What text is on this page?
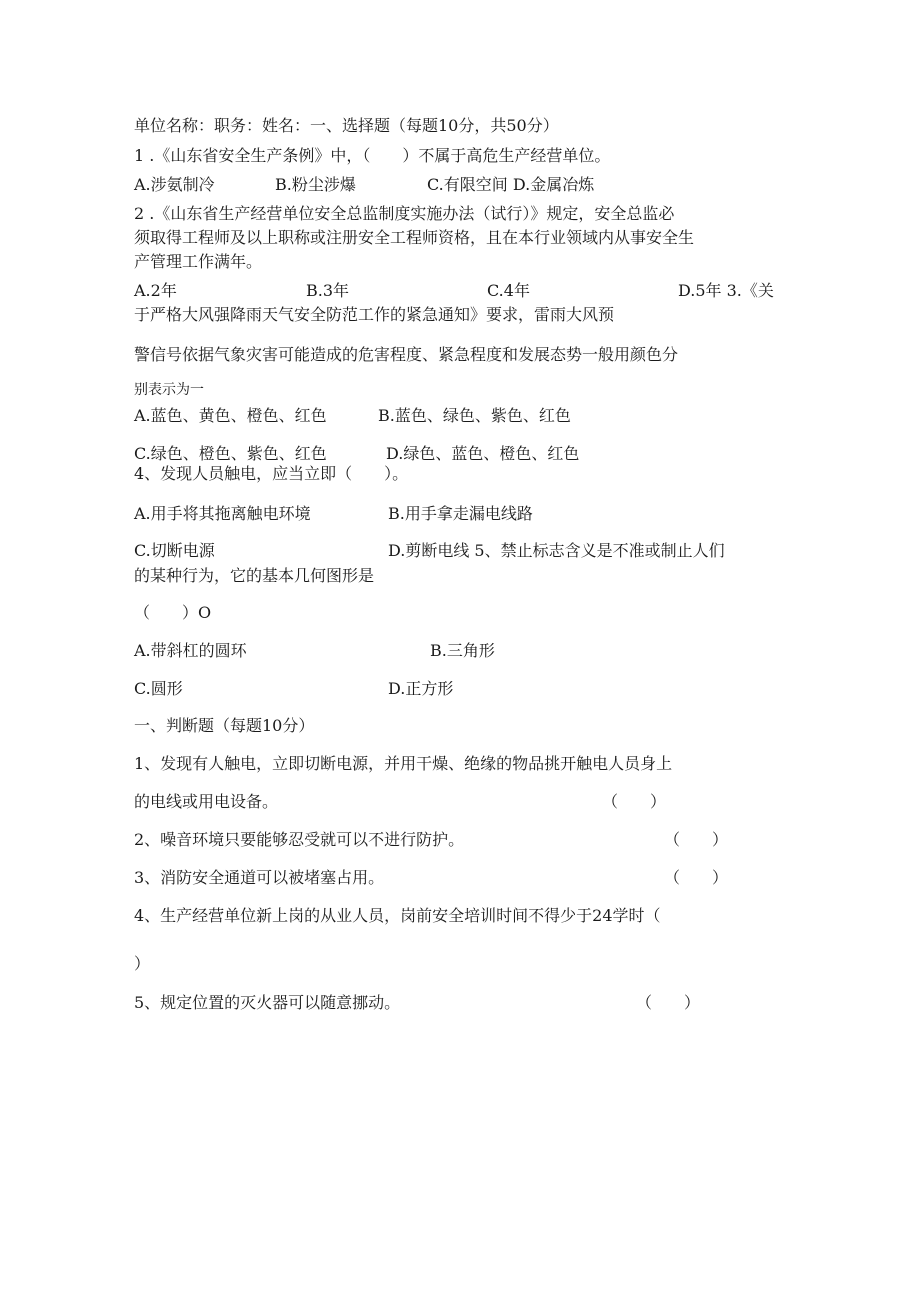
单位名称：职务：姓名：一、选择题（每题10分，共50分）
1 .《山东省安全生产条例》中，（　　）不属于高危生产经营单位。
A.涉氨制冷	B.粉尘涉爆	C.有限空间 D.金属冶炼
2 .《山东省生产经营单位安全总监制度实施办法（试行）》规定，安全总监必
须取得工程师及以上职称或注册安全工程师资格，且在本行业领域内从事安全生
产管理工作满年。
A.2年	B.3年	C.4年	D.5年 3.《关
于严格大风强降雨天气安全防范工作的紧急通知》要求，雷雨大风预
警信号依据气象灾害可能造成的危害程度、紧急程度和发展态势一般用颜色分
别表示为一
A.蓝色、黄色、橙色、红色	B.蓝色、绿色、紫色、红色
C.绿色、橙色、紫色、红色	D.绿色、蓝色、橙色、红色
4、发现人员触电，应当立即（　　）。
A.用手将其拖离触电环境	B.用手拿走漏电线路
C.切断电源	D.剪断电线 5、禁止标志含义是不准或制止人们
的某种行为，它的基本几何图形是
（　　）O
A.带斜杠的圆环	B.三角形
C.圆形	D.正方形
一、判断题（每题10分）
1、发现有人触电，立即切断电源，并用干燥、绝缘的物品挑开触电人员身上
的电线或用电设备。	（　　）
2、噪音环境只要能够忍受就可以不进行防护。	（　　）
3、消防安全通道可以被堵塞占用。	（　　）
4、生产经营单位新上岗的从业人员，岗前安全培训时间不得少于24学时（
）
5、规定位置的灭火器可以随意挪动。	（　　）
